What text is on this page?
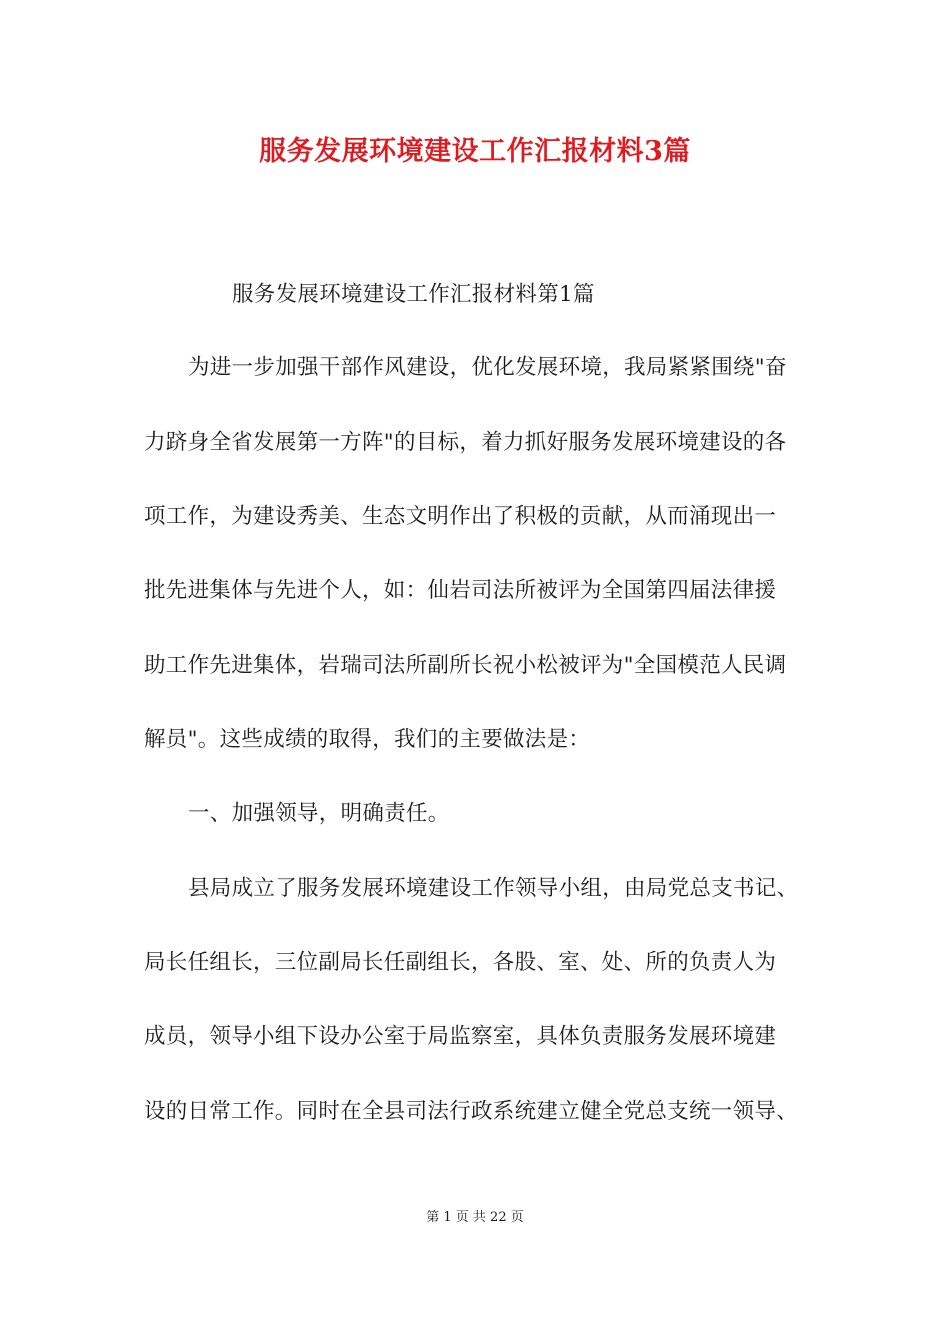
服务发展环境建设工作汇报材料3篇
服务发展环境建设工作汇报材料第1篇
为进一步加强干部作风建设，优化发展环境，我局紧紧围绕"奋
力跻身全省发展第一方阵"的目标，着力抓好服务发展环境建设的各
项工作，为建设秀美、生态文明作出了积极的贡献，从而涌现出一
批先进集体与先进个人，如：仙岩司法所被评为全国第四届法律援
助工作先进集体，岩瑞司法所副所长祝小松被评为"全国模范人民调
解员"。这些成绩的取得，我们的主要做法是：
一、加强领导，明确责任。
县局成立了服务发展环境建设工作领导小组，由局党总支书记、
局长任组长，三位副局长任副组长，各股、室、处、所的负责人为
成员，领导小组下设办公室于局监察室，具体负责服务发展环境建
设的日常工作。同时在全县司法行政系统建立健全党总支统一领导、
第 1 页 共 22 页
